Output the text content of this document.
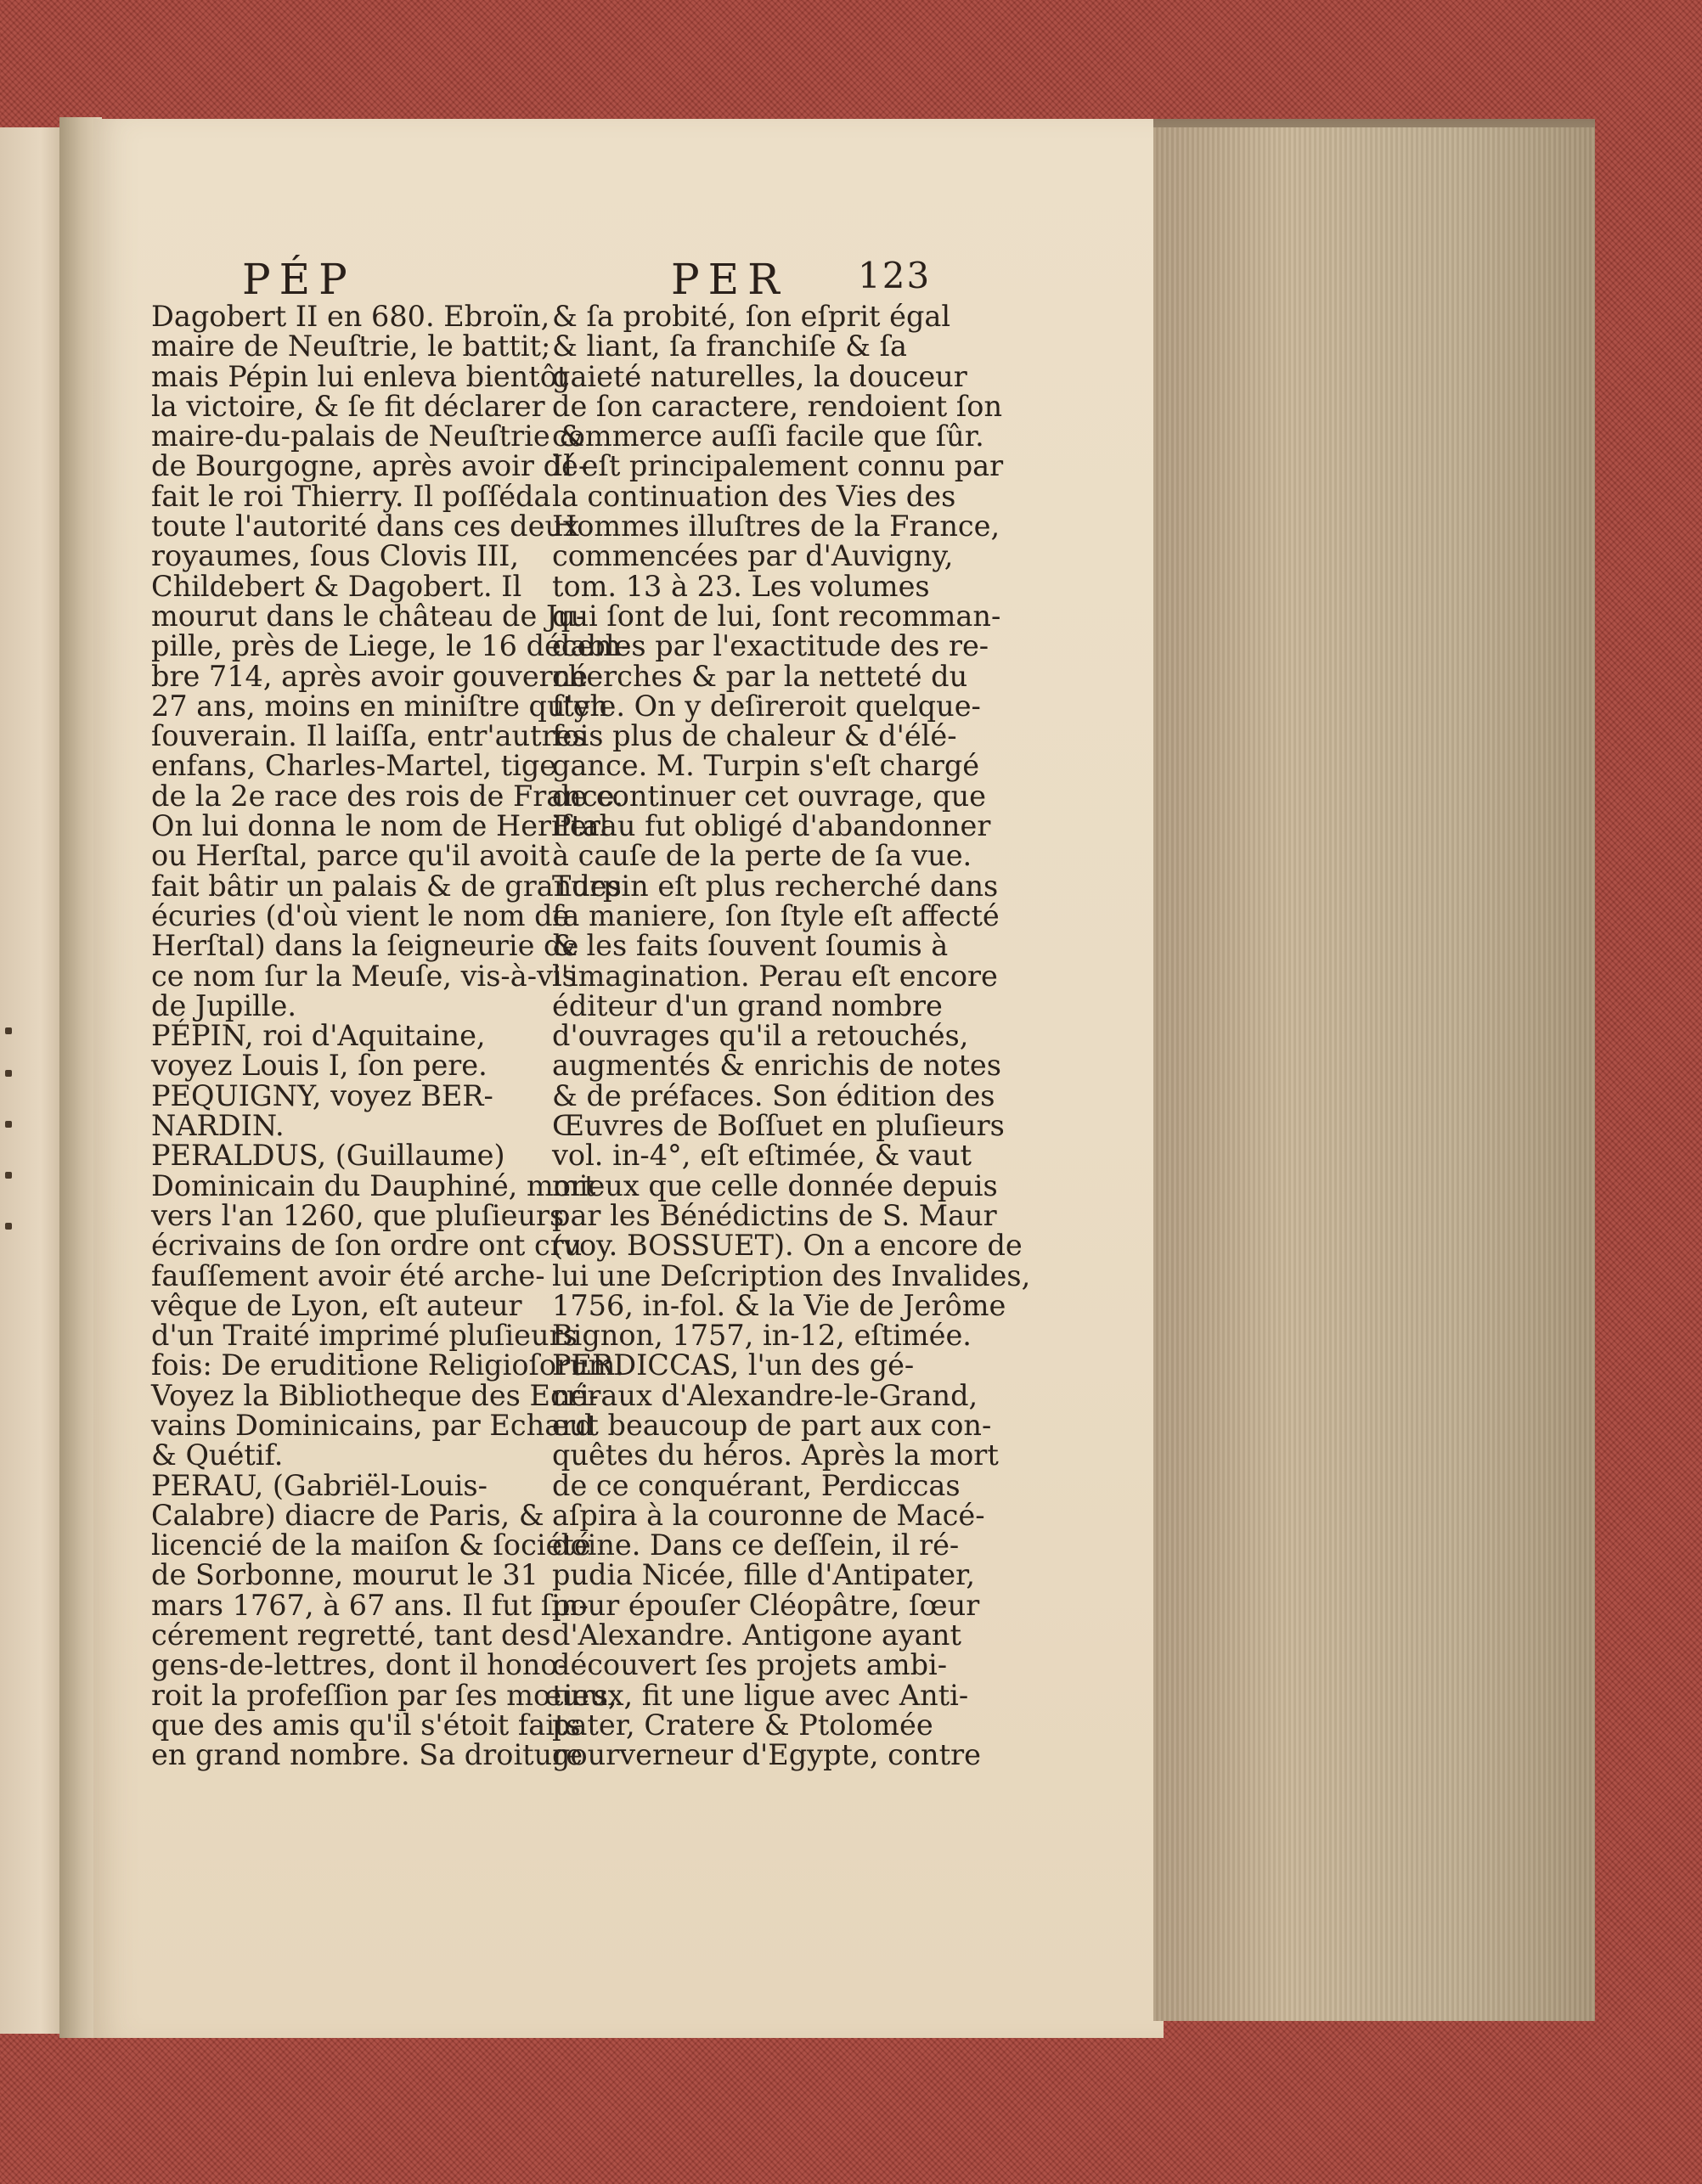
PÉP	PER 123
Dagobert II en 680. Ebroïn,
maire de Neuſtrie, le battit;
mais Pépin lui enleva bientôt
la victoire, & ſe fit déclarer
maire-du-palais de Neuſtrie &
de Bourgogne, après avoir dé-
fait le roi Thierry. Il poſſéda
toute l'autorité dans ces deux
royaumes, ſous Clovis III,
Childebert & Dagobert. Il
mourut dans le château de Ju-
pille, près de Liege, le 16 décem-
bre 714, après avoir gouverné
27 ans, moins en miniſtre qu'en
ſouverain. Il laiſſa, entr'autres
enfans, Charles-Martel, tige
de la 2e race des rois de France.
On lui donna le nom de Heriſtal
ou Herſtal, parce qu'il avoit
fait bâtir un palais & de grandes
écuries (d'où vient le nom de
Herſtal) dans la ſeigneurie de
ce nom ſur la Meuſe, vis-à-vis
de Jupille.
PÉPIN, roi d'Aquitaine,
voyez Louis I, ſon pere.
PEQUIGNY, voyez BER-
NARDIN.
PERALDUS, (Guillaume)
Dominicain du Dauphiné, mort
vers l'an 1260, que pluſieurs
écrivains de ſon ordre ont cru
fauſſement avoir été arche-
vêque de Lyon, eſt auteur
d'un Traité imprimé pluſieurs
fois: De eruditione Religioſorum.
Voyez la Bibliotheque des Ecri-
vains Dominicains, par Echard
& Quétif.
PERAU, (Gabriël-Louis-
Calabre) diacre de Paris, &
licencié de la maiſon & ſociété
de Sorbonne, mourut le 31
mars 1767, à 67 ans. Il fut ſin-
cérement regretté, tant des
gens-de-lettres, dont il hono-
roit la profeſſion par ſes mœurs,
que des amis qu'il s'étoit faits
en grand nombre. Sa droiture
& ſa probité, ſon eſprit égal
& liant, ſa franchiſe & ſa
gaieté naturelles, la douceur
de ſon caractere, rendoient ſon
commerce auſſi facile que ſûr.
Il eſt principalement connu par
la continuation des Vies des
Hommes illuſtres de la France,
commencées par d'Auvigny,
tom. 13 à 23. Les volumes
qui ſont de lui, ſont recomman-
dables par l'exactitude des re-
cherches & par la netteté du
ſtyle. On y deſireroit quelque-
fois plus de chaleur & d'élé-
gance. M. Turpin s'eſt chargé
de continuer cet ouvrage, que
Perau fut obligé d'abandonner
à cauſe de la perte de ſa vue.
Turpin eſt plus recherché dans
ſa maniere, ſon ſtyle eſt affecté
& les faits ſouvent ſoumis à
l'imagination. Perau eſt encore
éditeur d'un grand nombre
d'ouvrages qu'il a retouchés,
augmentés & enrichis de notes
& de préfaces. Son édition des
Œuvres de Boſſuet en pluſieurs
vol. in-4°, eſt eſtimée, & vaut
mieux que celle donnée depuis
par les Bénédictins de S. Maur
(voy. BOSSUET). On a encore de
lui une Deſcription des Invalides,
1756, in-fol. & la Vie de Jerôme
Bignon, 1757, in-12, eſtimée.
PERDICCAS, l'un des gé-
néraux d'Alexandre-le-Grand,
eut beaucoup de part aux con-
quêtes du héros. Après la mort
de ce conquérant, Perdiccas
aſpira à la couronne de Macé-
doine. Dans ce deſſein, il ré-
pudia Nicée, fille d'Antipater,
pour épouſer Cléopâtre, ſœur
d'Alexandre. Antigone ayant
découvert ſes projets ambi-
tieux, fit une ligue avec Anti-
pater, Cratere & Ptolomée
gourverneur d'Egypte, contre
